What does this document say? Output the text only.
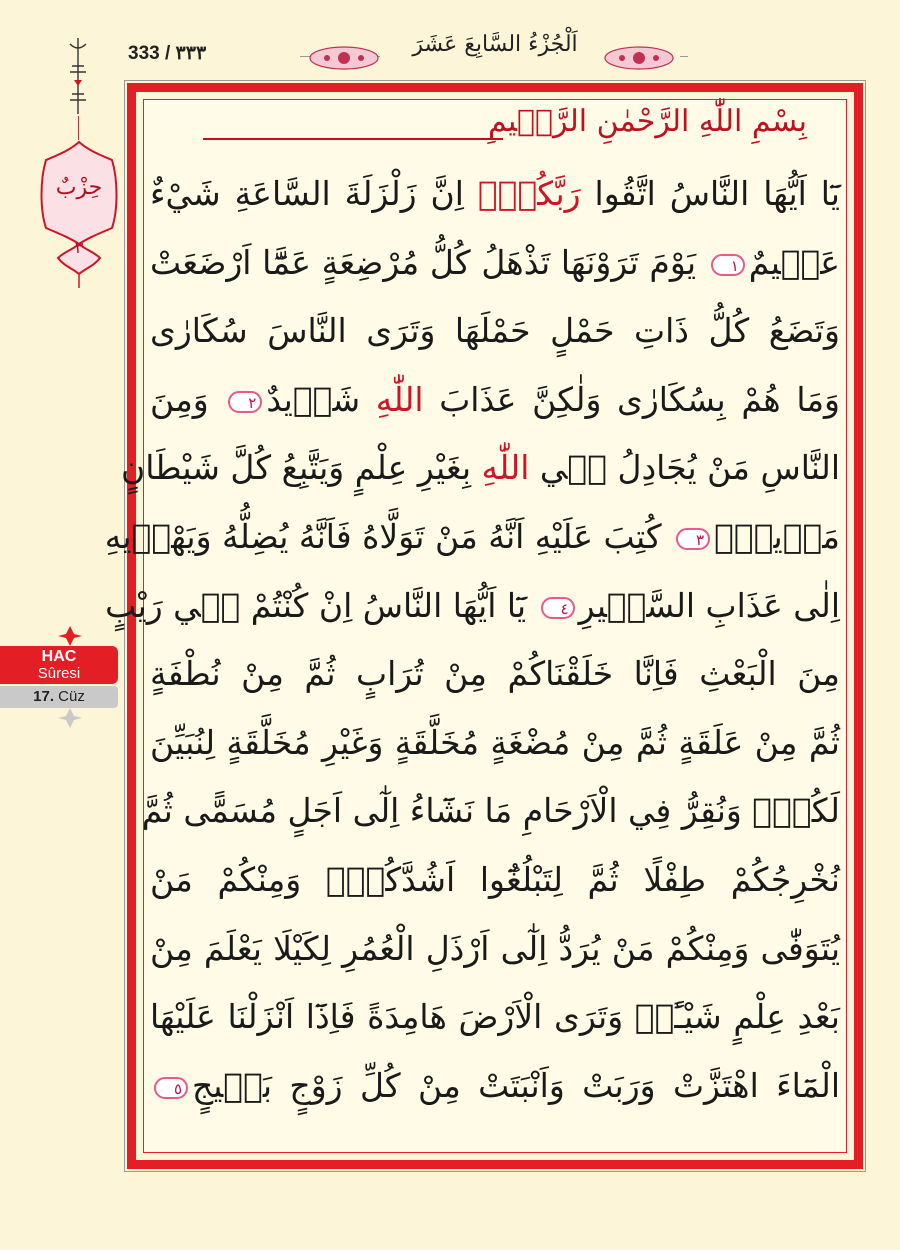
333 / ٣٣٣	اَلْجُزْءُ السَّابِعَ عَشَرَ
حِزْبٌ
٣
HAC
Sûresi
17. Cüz
بِسْمِ اللّٰهِ الرَّحْمٰنِ الرَّح۪يمِ
يَٓا اَيُّهَا النَّاسُ اتَّقُوا رَبَّكُمْۚ اِنَّ زَلْزَلَةَ السَّاعَةِ شَيْءٌ
عَظ۪يمٌ١ يَوْمَ تَرَوْنَهَا تَذْهَلُ كُلُّ مُرْضِعَةٍ عَمَّٓا اَرْضَعَتْ
وَتَضَعُ كُلُّ ذَاتِ حَمْلٍ حَمْلَهَا وَتَرَى النَّاسَ سُكَارٰى
وَمَا هُمْ بِسُكَارٰى وَلٰكِنَّ عَذَابَ اللّٰهِ شَد۪يدٌ٢ وَمِنَ
النَّاسِ مَنْ يُجَادِلُ ف۪ي اللّٰهِ بِغَيْرِ عِلْمٍ وَيَتَّبِعُ كُلَّ شَيْطَانٍ
مَر۪يدٍۙ٣ كُتِبَ عَلَيْهِ اَنَّهُ مَنْ تَوَلَّاهُ فَاَنَّهُ يُضِلُّهُ وَيَهْد۪يهِ
اِلٰى عَذَابِ السَّع۪يرِ٤ يَٓا اَيُّهَا النَّاسُ اِنْ كُنْتُمْ ف۪ي رَيْبٍ
مِنَ الْبَعْثِ فَاِنَّا خَلَقْنَاكُمْ مِنْ تُرَابٍ ثُمَّ مِنْ نُطْفَةٍ
ثُمَّ مِنْ عَلَقَةٍ ثُمَّ مِنْ مُضْغَةٍ مُخَلَّقَةٍ وَغَيْرِ مُخَلَّقَةٍ لِنُبَيِّنَ
لَكُمْۜ وَنُقِرُّ فِي الْاَرْحَامِ مَا نَشَٓاءُ اِلٰٓى اَجَلٍ مُسَمًّى ثُمَّ
نُخْرِجُكُمْ طِفْلًا ثُمَّ لِتَبْلُغُٓوا اَشُدَّكُمْۚ وَمِنْكُمْ مَنْ
يُتَوَفّٰى وَمِنْكُمْ مَنْ يُرَدُّ اِلٰٓى اَرْذَلِ الْعُمُرِ لِكَيْلَا يَعْلَمَ مِنْ
بَعْدِ عِلْمٍ شَيْـًٔاۜ وَتَرَى الْاَرْضَ هَامِدَةً فَاِذَٓا اَنْزَلْنَا عَلَيْهَا
الْمَٓاءَ اهْتَزَّتْ وَرَبَتْ وَاَنْبَتَتْ مِنْ كُلِّ زَوْجٍ بَه۪يجٍ٥
